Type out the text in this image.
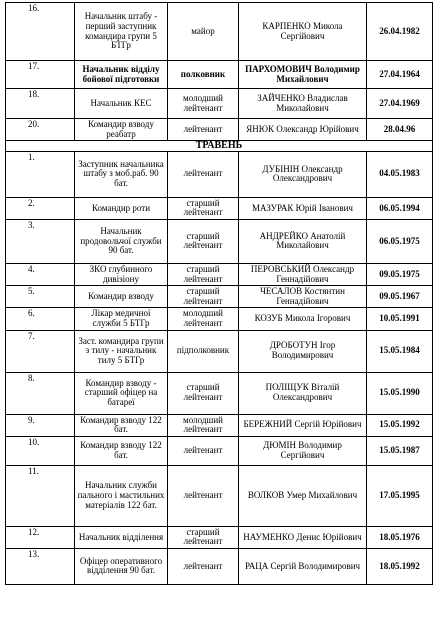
16.	Начальник штабу - перший заступник командира групи 5 БТГр	майор	КАРПЕНКО Микола Сергійович	26.04.1982
17.	Начальник відділу бойової підготовки	полковник	ПАРХОМОВИЧ Володимир Михайлович	27.04.1964
18.	Начальник КЕС	молодший лейтенант	ЗАЙЧЕНКО Владислав Миколайович	27.04.1969
20.	Командир взводу реабатр	лейтенант	ЯНЮК Олександр Юрійович	28.04.96
ТРАВЕНЬ				
1.	Заступник начальника штабу з моб.раб. 90 бат.	лейтенант	ДУБІНІН Олександр Олександрович	04.05.1983
2.	Командир роти	старший лейтенант	МАЗУРАК Юрій Іванович	06.05.1994
3.	Начальник продовольчої служби 90 бат.	старший лейтенант	АНДРЕЙКО Анатолій Миколайович	06.05.1975
4.	ЗКО глубинного дивізіону	старший лейтенант	ПЕРОВСЬКИЙ Олександр Геннадійович	09.05.1975
5.	Командир взводу	старший лейтенант	ЧЕСАЛОВ Костянтин Геннадійович	09.05.1967
6.	Лікар медичної служби 5 БТГр	молодший лейтенант	КОЗУБ Микола Ігорович	10.05.1991
7.	Заст. командира групи з тилу - начальник тилу 5 БТГр	підполковник	ДРОБОТУН Ігор Володимирович	15.05.1984
8.	Командир взводу - старший офіцер на батареї	старший лейтенант	ПОЛІЩУК Віталій Олександрович	15.05.1990
9.	Командир взводу 122 бат.	молодший лейтенант	БЕРЕЖНИЙ Сергій Юрійович	15.05.1992
10.	Командир взводу 122 бат.	лейтенант	ДЮМІН Володимир Сергійович	15.05.1987
11.	Начальник служби пального і мастильних матеріалів 122 бат.	лейтенант	ВОЛКОВ Умер Михайлович	17.05.1995
12.	Начальник відділення	старший лейтенант	НАУМЕНКО Денис Юрійович	18.05.1976
13.	Офіцер оперативного відділення 90 бат.	лейтенант	РАЦА Сергій Володимирович	18.05.1992
